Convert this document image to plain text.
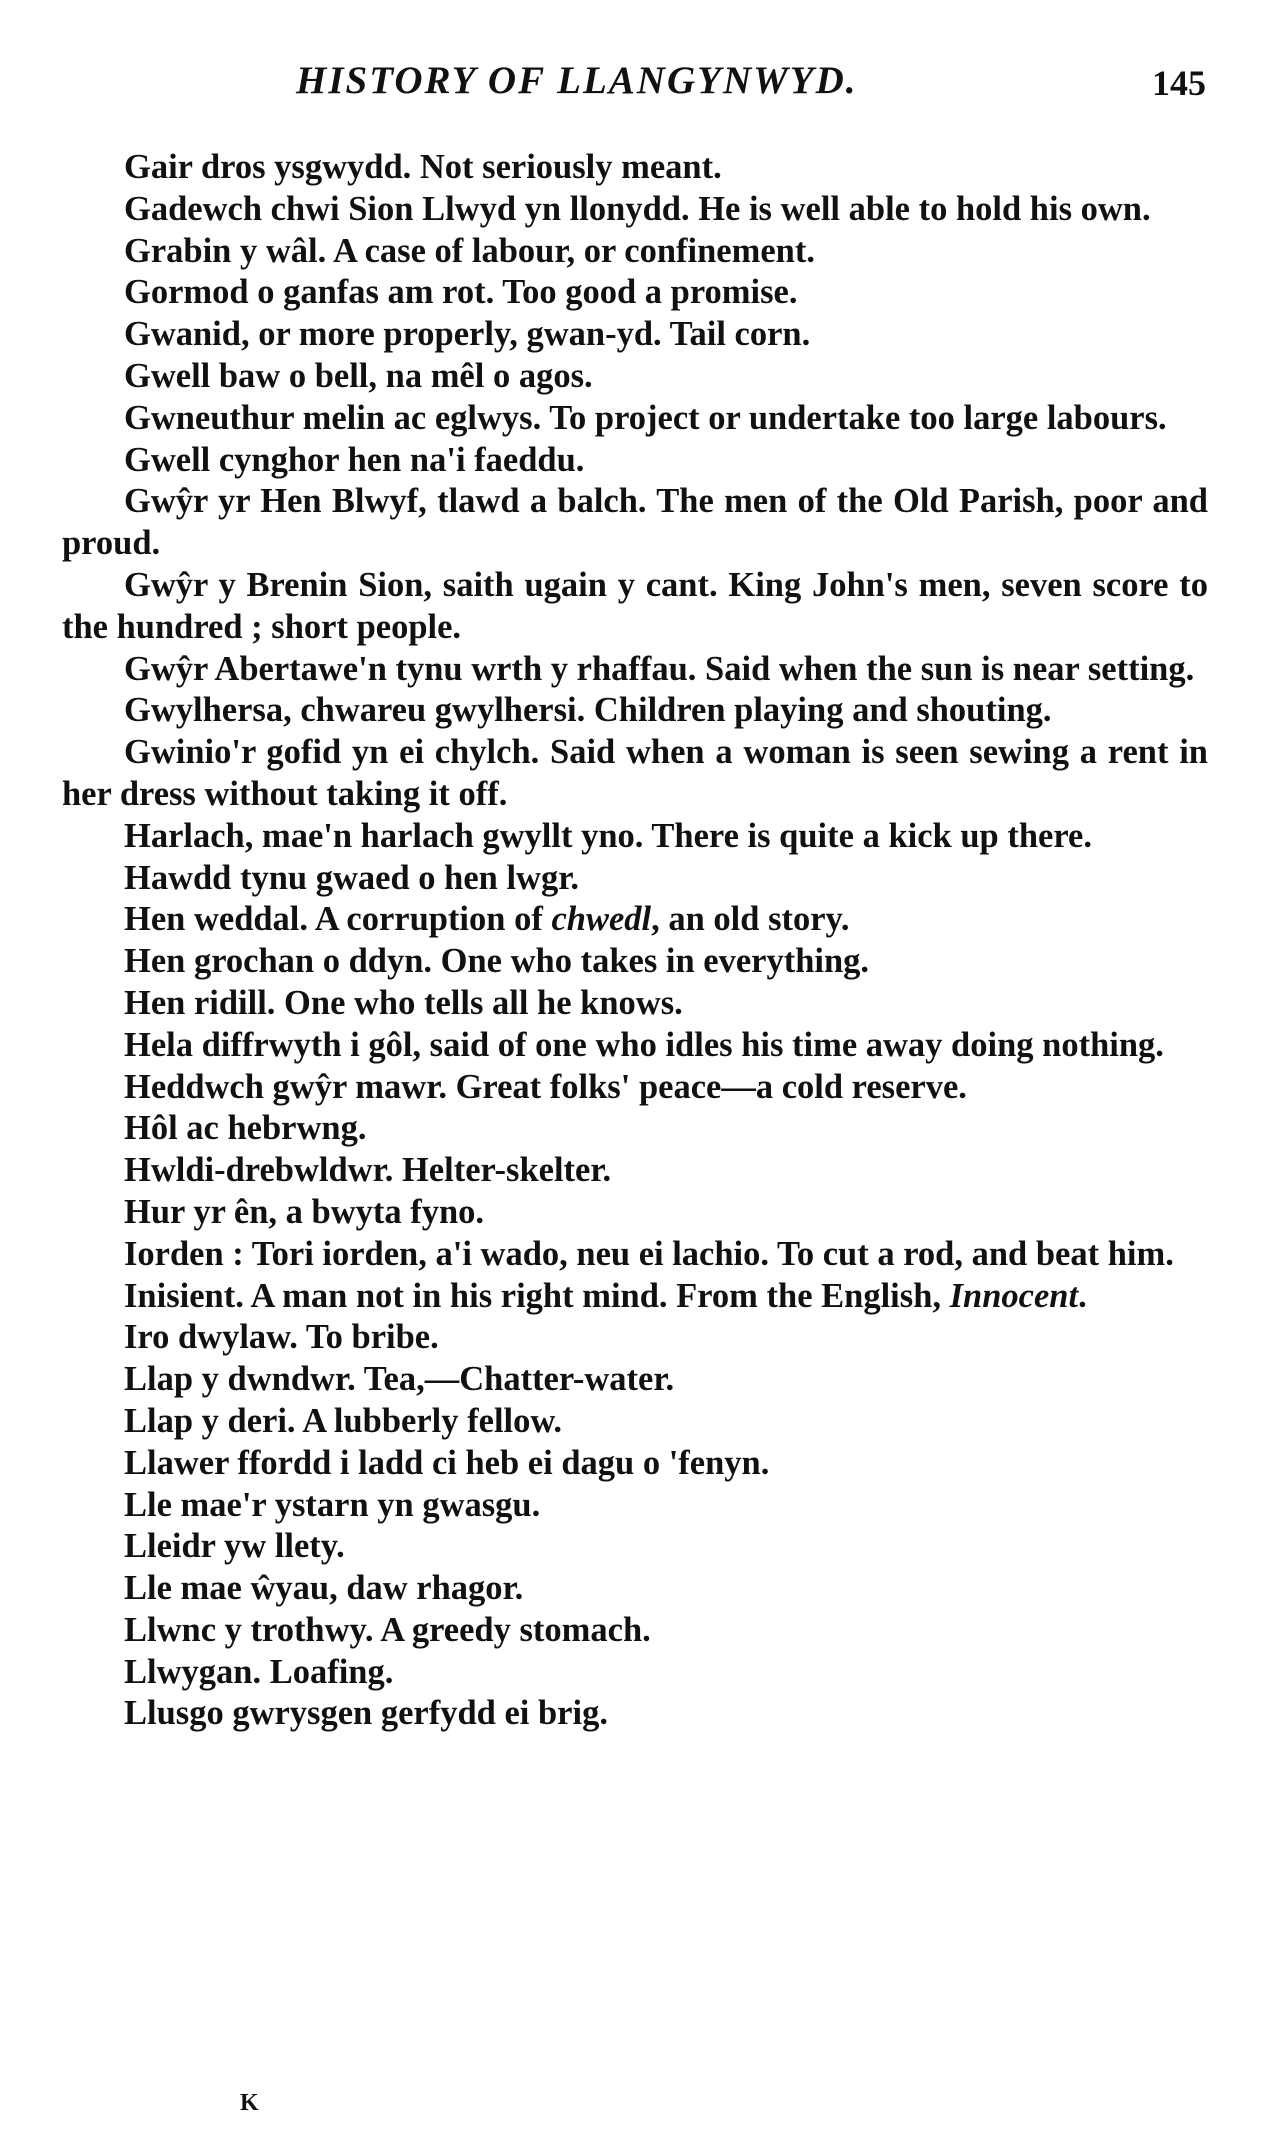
HISTORY OF LLANGYNWYD.	145

Gair dros ysgwydd. Not seriously meant.

Gadewch chwi Sion Llwyd yn llonydd. He is well able to hold his own.

Grabin y wâl. A case of labour, or confinement.

Gormod o ganfas am rot. Too good a promise.

Gwanid, or more properly, gwan-yd. Tail corn.

Gwell baw o bell, na mêl o agos.

Gwneuthur melin ac eglwys. To project or undertake too large labours.

Gwell cynghor hen na'i faeddu.

Gwŷr yr Hen Blwyf, tlawd a balch. The men of the Old Parish, poor and proud.

Gwŷr y Brenin Sion, saith ugain y cant. King John's men, seven score to the hundred ; short people.

Gwŷr Abertawe'n tynu wrth y rhaffau. Said when the sun is near setting.

Gwylhersa, chwareu gwylhersi. Children playing and shouting.

Gwinio'r gofid yn ei chylch. Said when a woman is seen sewing a rent in her dress without taking it off.

Harlach, mae'n harlach gwyllt yno. There is quite a kick up there.

Hawdd tynu gwaed o hen lwgr.

Hen weddal. A corruption of chwedl, an old story.

Hen grochan o ddyn. One who takes in everything.

Hen ridill. One who tells all he knows.

Hela diffrwyth i gôl, said of one who idles his time away doing nothing.

Heddwch gwŷr mawr. Great folks' peace—a cold reserve.

Hôl ac hebrwng.

Hwldi-drebwldwr. Helter-skelter.

Hur yr ên, a bwyta fyno.

Iorden : Tori iorden, a'i wado, neu ei lachio. To cut a rod, and beat him.

Inisient. A man not in his right mind. From the English, Innocent.

Iro dwylaw. To bribe.

Llap y dwndwr. Tea,—Chatter-water.

Llap y deri. A lubberly fellow.

Llawer ffordd i ladd ci heb ei dagu o 'fenyn.

Lle mae'r ystarn yn gwasgu.

Lleidr yw llety.

Lle mae ŵyau, daw rhagor.

Llwnc y trothwy. A greedy stomach.

Llwygan. Loafing.

Llusgo gwrysgen gerfydd ei brig.

K
